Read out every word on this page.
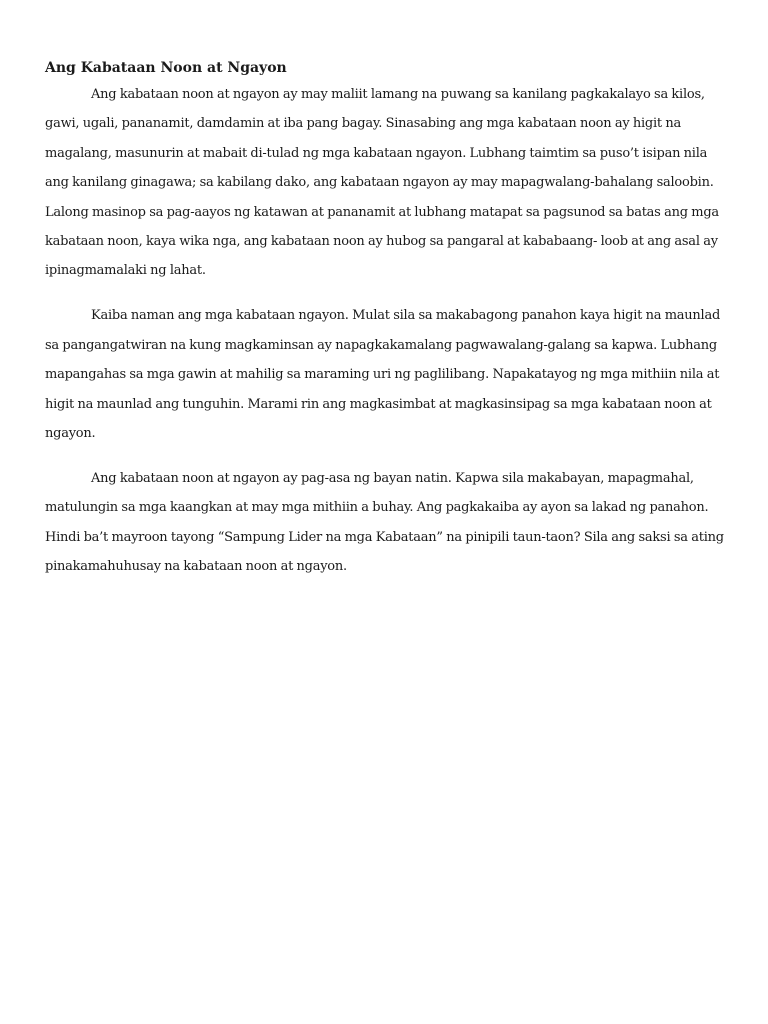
Ang Kabataan Noon at Ngayon

Ang kabataan noon at ngayon ay may maliit lamang na puwang sa kanilang pagkakalayo sa kilos, gawi, ugali, pananamit, damdamin at iba pang bagay. Sinasabing ang mga kabataan noon ay higit na magalang, masunurin at mabait di-tulad ng mga kabataan ngayon. Lubhang taimtim sa puso’t isipan nila ang kanilang ginagawa; sa kabilang dako, ang kabataan ngayon ay may mapagwalang-bahalang saloobin. Lalong masinop sa pag-aayos ng katawan at pananamit at lubhang matapat sa pagsunod sa batas ang mga kabataan noon, kaya wika nga, ang kabataan noon ay hubog sa pangaral at kababaang- loob at ang asal ay ipinagmamalaki ng lahat.

Kaiba naman ang mga kabataan ngayon. Mulat sila sa makabagong panahon kaya higit na maunlad sa pangangatwiran na kung magkaminsan ay napagkakamalang pagwawalang-galang sa kapwa. Lubhang mapangahas sa mga gawin at mahilig sa maraming uri ng paglilibang. Napakatayog ng mga mithiin nila at higit na maunlad ang tunguhin. Marami rin ang magkasimbat at magkasinsipag sa mga kabataan noon at ngayon.

Ang kabataan noon at ngayon ay pag-asa ng bayan natin. Kapwa sila makabayan, mapagmahal, matulungin sa mga kaangkan at may mga mithiin a buhay. Ang pagkakaiba ay ayon sa lakad ng panahon. Hindi ba’t mayroon tayong “Sampung Lider na mga Kabataan” na pinipili taun-taon? Sila ang saksi sa ating pinakamahuhusay na kabataan noon at ngayon.
